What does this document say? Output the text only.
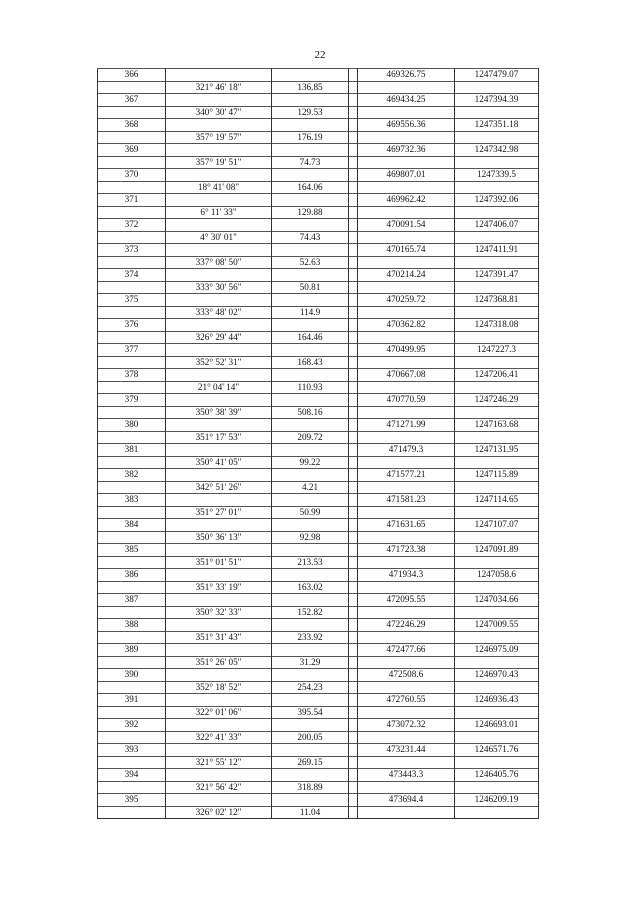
22
366				469326.75	1247479.07
	321° 46' 18"	136.85			
367				469434.25	1247394.39
	340° 30' 47"	129.53			
368				469556.36	1247351.18
	357° 19' 57"	176.19			
369				469732.36	1247342.98
	357° 19' 51"	74.73			
370				469807.01	1247339.5
	18° 41' 08"	164.06			
371				469962.42	1247392.06
	6° 11' 33"	129.88			
372				470091.54	1247406.07
	4° 30' 01"	74.43			
373				470165.74	1247411.91
	337° 08' 50"	52.63			
374				470214.24	1247391.47
	333° 30' 56"	50.81			
375				470259.72	1247368.81
	333° 48' 02"	114.9			
376				470362.82	1247318.08
	326° 29' 44"	164.46			
377				470499.95	1247227.3
	352° 52' 31"	168.43			
378				470667.08	1247206.41
	21° 04' 14"	110.93			
379				470770.59	1247246.29
	350° 38' 39"	508.16			
380				471271.99	1247163.68
	351° 17' 53"	209.72			
381				471479.3	1247131.95
	350° 41' 05"	99.22			
382				471577.21	1247115.89
	342° 51' 26"	4.21			
383				471581.23	1247114.65
	351° 27' 01"	50.99			
384				471631.65	1247107.07
	350° 36' 13"	92.98			
385				471723.38	1247091.89
	351° 01' 51"	213.53			
386				471934.3	1247058.6
	351° 33' 19"	163.02			
387				472095.55	1247034.66
	350° 32' 33"	152.82			
388				472246.29	1247009.55
	351° 31' 43"	233.92			
389				472477.66	1246975.09
	351° 26' 05"	31.29			
390				472508.6	1246970.43
	352° 18' 52"	254.23			
391				472760.55	1246936.43
	322° 01' 06"	395.54			
392				473072.32	1246693.01
	322° 41' 33"	200.05			
393				473231.44	1246571.76
	321° 55' 12"	269.15			
394				473443.3	1246405.76
	321° 56' 42"	318.89			
395				473694.4	1246209.19
	326° 02' 12"	11.04			
